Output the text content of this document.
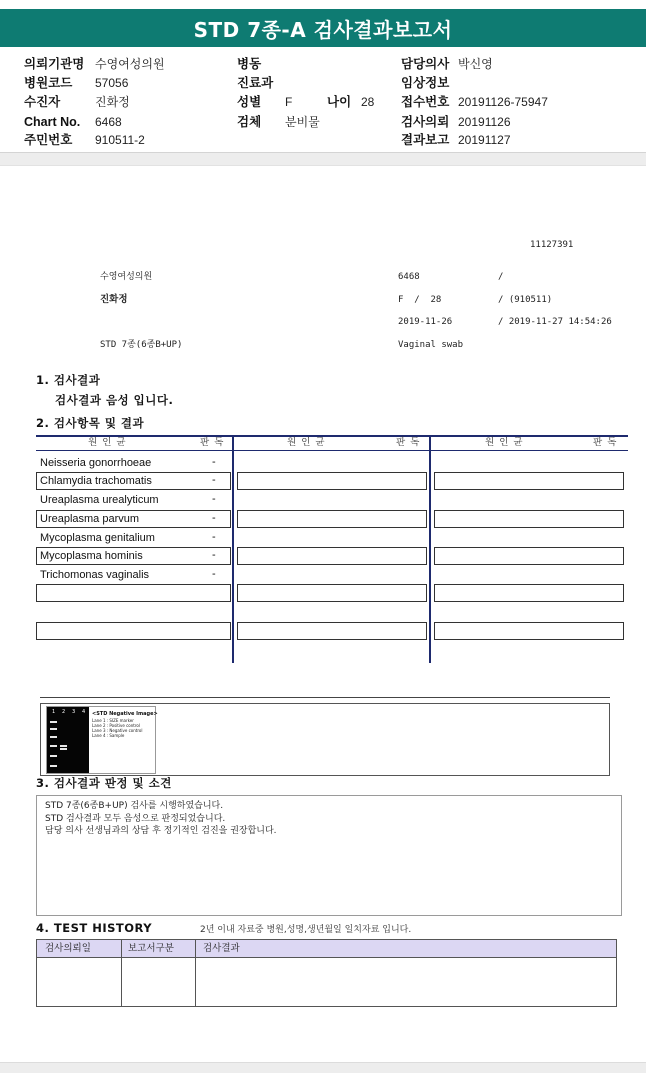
STD 7종-A 검사결과보고서
의뢰기관명 수영여성의원
병원코드 57056
수진자	진화정
Chart No. 6468
주민번호 910511-2
병동
진료과
성별 F	나이 28
검체 분비물
담당의사 박신영
임상정보
접수번호 20191126-75947
검사의뢰 20191126
결과보고 20191127
11127391
수영여성의원	6468	/
진화정	F  /  28	/ (910511)
2019-11-26	/ 2019-11-27 14:54:26
STD 7종(6종B+UP)	Vaginal swab
1. 검사결과
검사결과 음성 입니다.
2. 검사항목 및 결과
원 인 균	판 독	원 인 균	판 독	원 인 균	판 독
Neisseria gonorrhoeae	-
Chlamydia trachomatis	-
Ureaplasma urealyticum	-
Ureaplasma parvum	-
Mycoplasma genitalium	-
Mycoplasma hominis	-
Trichomonas vaginalis	-
1 2 3 4 <STD Negative Image>
Lane 1 : SIZE marker
Lane 2 : Positive control
Lane 3 : Negative control
Lane 4 : Sample
3. 검사결과 판정 및 소견
STD 7종(6종B+UP) 검사를 시행하였습니다.
STD 검사결과 모두 음성으로 판정되었습니다.
담당 의사 선생님과의 상담 후 정기적인 검진을 권장합니다.
4. TEST HISTORY	2년 이내 자료중 병원,성명,생년월일 일치자료 입니다.
검사의뢰일	보고서구분	검사결과
